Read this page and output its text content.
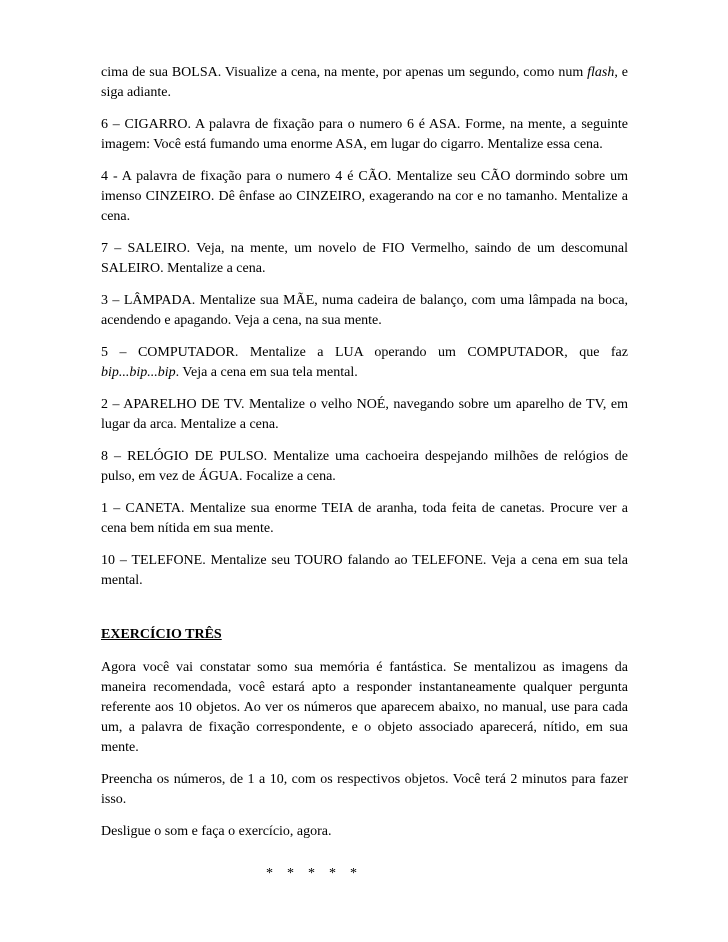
cima de sua BOLSA. Visualize a cena, na mente, por apenas um segundo, como num flash, e siga adiante.

6 – CIGARRO. A palavra de fixação para o numero 6 é ASA. Forme, na mente, a seguinte imagem: Você está fumando uma enorme ASA, em lugar do cigarro. Mentalize essa cena.

4 - A palavra de fixação para o numero 4 é CÃO. Mentalize seu CÃO dormindo sobre um imenso CINZEIRO. Dê ênfase ao CINZEIRO, exagerando na cor e no tamanho. Mentalize a cena.

7 – SALEIRO. Veja, na mente, um novelo de FIO Vermelho, saindo de um descomunal SALEIRO. Mentalize a cena.

3 – LÂMPADA. Mentalize sua MÃE, numa cadeira de balanço, com uma lâmpada na boca, acendendo e apagando. Veja a cena, na sua mente.

5 – COMPUTADOR. Mentalize a LUA operando um COMPUTADOR, que faz bip...bip...bip. Veja a cena em sua tela mental.

2 – APARELHO DE TV. Mentalize o velho NOÉ, navegando sobre um aparelho de TV, em lugar da arca. Mentalize a cena.

8 – RELÓGIO DE PULSO. Mentalize uma cachoeira despejando milhões de relógios de pulso, em vez de ÁGUA. Focalize a cena.

1 – CANETA. Mentalize sua enorme TEIA de aranha, toda feita de canetas. Procure ver a cena bem nítida em sua mente.

10 – TELEFONE. Mentalize seu TOURO falando ao TELEFONE. Veja a cena em sua tela mental.

EXERCÍCIO TRÊS

Agora você vai constatar somo sua memória é fantástica. Se mentalizou as imagens da maneira recomendada, você estará apto a responder instantaneamente qualquer pergunta referente aos 10 objetos. Ao ver os números que aparecem abaixo, no manual, use para cada um, a palavra de fixação correspondente, e o objeto associado aparecerá, nítido, em sua mente.

Preencha os números, de 1 a 10, com os respectivos objetos. Você terá 2 minutos para fazer isso.

Desligue o som e faça o exercício, agora.

*    *    *    *    *
